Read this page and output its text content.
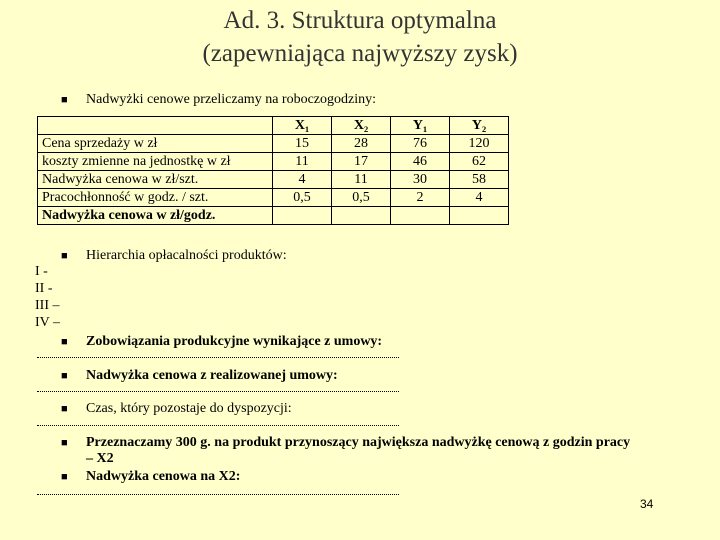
Ad. 3. Struktura optymalna
(zapewniająca najwyższy zysk)
■ Nadwyżki cenowe przeliczamy na roboczogodziny:
	X₁	X₂	Y₁	Y₂
Cena sprzedaży w zł	15	28	76	120
koszty zmienne na jednostkę w zł	11	17	46	62
Nadwyżka cenowa w zł/szt.	4	11	30	58
Pracochłonność w godz. / szt.	0,5	0,5	2	4
Nadwyżka cenowa w zł/godz.				
■ Hierarchia opłacalności produktów:
I -
II -
III –
IV –
■ Zobowiązania produkcyjne wynikające z umowy:
■ Nadwyżka cenowa z realizowanej umowy:
■ Czas, który pozostaje do dyspozycji:
■ Przeznaczamy 300 g. na produkt przynoszący największa nadwyżkę cenową z godzin pracy
– X2
■ Nadwyżka cenowa na X2:
34
